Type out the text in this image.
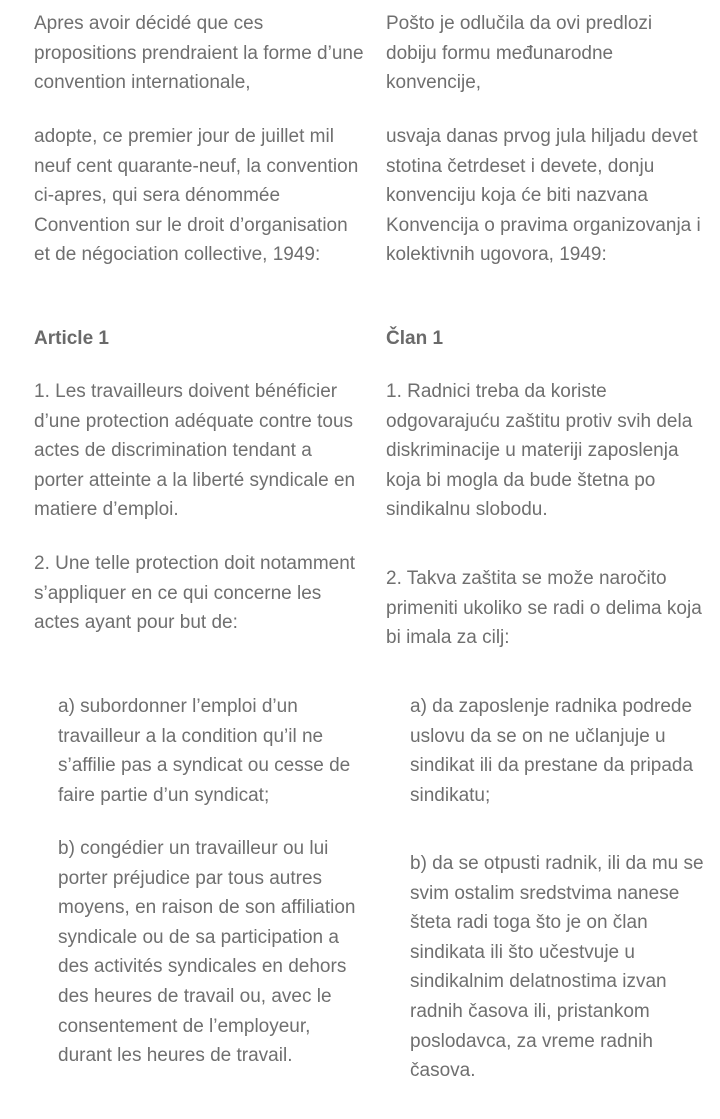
Apres avoir décidé que ces propositions prendraient la forme d’une convention internationale,

Pošto je odlučila da ovi predlozi dobiju formu međunarodne konvencije,

adopte, ce premier jour de juillet mil neuf cent quarante-neuf, la convention ci-apres, qui sera dénommée Convention sur le droit d’organisation et de négociation collective, 1949:

usvaja danas prvog jula hiljadu devet stotina četrdeset i devete, donju konvenciju koja će biti nazvana Konvencija o pravima organizovanja i kolektivnih ugovora, 1949:

Article 1	Član 1

1. Les travailleurs doivent bénéficier d’une protection adéquate contre tous actes de discrimination tendant a porter atteinte a la liberté syndicale en matiere d’emploi.

1. Radnici treba da koriste odgovarajuću zaštitu protiv svih dela diskriminacije u materiji zaposlenja koja bi mogla da bude štetna po sindikalnu slobodu.

2. Une telle protection doit notamment s’appliquer en ce qui concerne les actes ayant pour but de:

2. Takva zaštita se može naročito primeniti ukoliko se radi o delima koja bi imala za cilj:

a) subordonner l’emploi d’un travailleur a la condition qu’il ne s’affilie pas a syndicat ou cesse de faire partie d’un syndicat;

a) da zaposlenje radnika podrede uslovu da se on ne učlanjuje u sindikat ili da prestane da pripada sindikatu;

b) congédier un travailleur ou lui porter préjudice par tous autres moyens, en raison de son affiliation syndicale ou de sa participation a des activités syndicales en dehors des heures de travail ou, avec le consentement de l’employeur, durant les heures de travail.

b) da se otpusti radnik, ili da mu se svim ostalim sredstvima nanese šteta radi toga što je on član sindikata ili što učestvuje u sindikalnim delatnostima izvan radnih časova ili, pristankom poslodavca, za vreme radnih časova.
